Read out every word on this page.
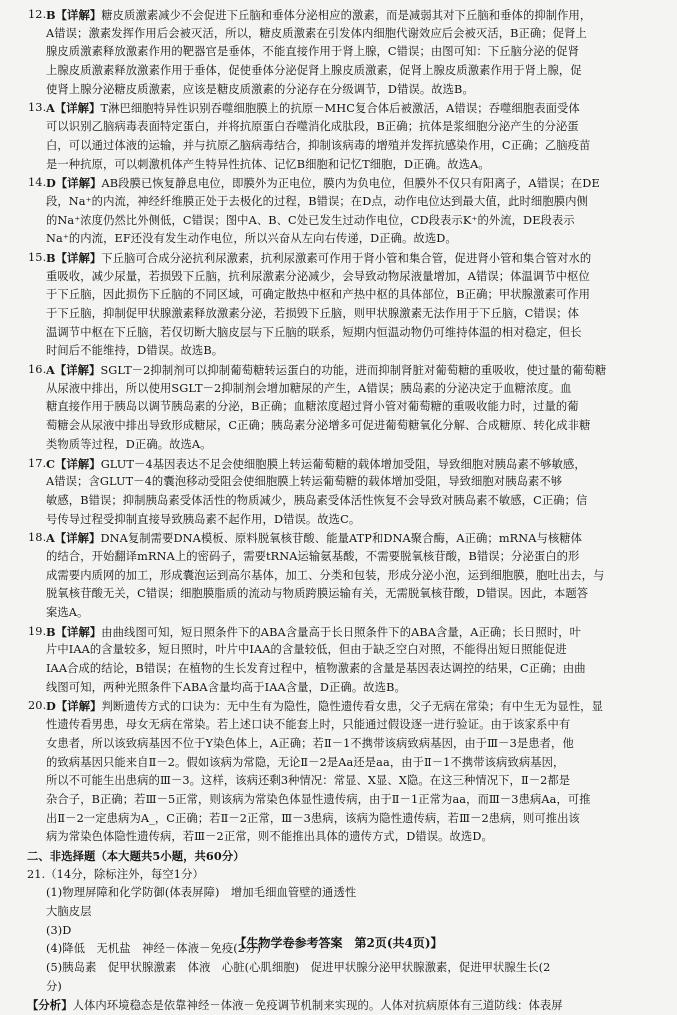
12. B【详解】糖皮质激素减少不会促进下丘脑和垂体分泌相应的激素，而是减弱其对下丘脑和垂体的抑制作用，
A错误；激素发挥作用后会被灭活，所以，糖皮质激素在引发体内细胞代谢效应后会被灭活，B正确；促肾上
腺皮质激素释放激素作用的靶器官是垂体，不能直接作用于肾上腺，C错误；由图可知：下丘脑分泌的促肾
上腺皮质激素释放激素作用于垂体，促使垂体分泌促肾上腺皮质激素，促肾上腺皮质激素作用于肾上腺，促
使肾上腺分泌糖皮质激素，应该是糖皮质激素的分泌存在分级调节，D错误。故选B。
13. A【详解】T淋巴细胞特异性识别吞噬细胞膜上的抗原－MHC复合体后被激活，A错误；吞噬细胞表面受体
可以识别乙脑病毒表面特定蛋白，并将抗原蛋白吞噬消化成肽段，B正确；抗体是浆细胞分泌产生的分泌蛋
白，可以通过体液的运输，并与抗原乙脑病毒结合，抑制该病毒的增殖并发挥抗感染作用，C正确；乙脑疫苗
是一种抗原，可以刺激机体产生特异性抗体、记忆B细胞和记忆T细胞，D正确。故选A。
14. D【详解】AB段膜已恢复静息电位，即膜外为正电位，膜内为负电位，但膜外不仅只有阳离子，A错误；在DE
段，Na⁺的内流，神经纤维膜正处于去极化的过程，B错误；在D点，动作电位达到最大值，此时细胞膜内侧
的Na⁺浓度仍然比外侧低，C错误；图中A、B、C处已发生过动作电位，CD段表示K⁺的外流，DE段表示
Na⁺的内流，EF还没有发生动作电位，所以兴奋从左向右传递，D正确。故选D。
15. B【详解】下丘脑可合成分泌抗利尿激素，抗利尿激素可作用于肾小管和集合管，促进肾小管和集合管对水的
重吸收，减少尿量，若损毁下丘脑，抗利尿激素分泌减少，会导致动物尿液量增加，A错误；体温调节中枢位
于下丘脑，因此损伤下丘脑的不同区域，可确定散热中枢和产热中枢的具体部位，B正确；甲状腺激素可作用
于下丘脑，抑制促甲状腺激素释放激素分泌，若损毁下丘脑，则甲状腺激素无法作用于下丘脑，C错误；体
温调节中枢在下丘脑，若仅切断大脑皮层与下丘脑的联系，短期内恒温动物仍可维持体温的相对稳定，但长
时间后不能维持，D错误。故选B。
16. A【详解】SGLT－2抑制剂可以抑制葡萄糖转运蛋白的功能，进而抑制肾脏对葡萄糖的重吸收，使过量的葡萄糖
从尿液中排出，所以使用SGLT－2抑制剂会增加糖尿的产生，A错误；胰岛素的分泌决定于血糖浓度。血
糖直接作用于胰岛以调节胰岛素的分泌，B正确；血糖浓度超过肾小管对葡萄糖的重吸收能力时，过量的葡
萄糖会从尿液中排出导致形成糖尿，C正确；胰岛素分泌增多可促进葡萄糖氧化分解、合成糖原、转化成非糖
类物质等过程，D正确。故选A。
17. C【详解】GLUT－4基因表达不足会使细胞膜上转运葡萄糖的载体增加受阻，导致细胞对胰岛素不够敏感，
A错误；含GLUT－4的囊泡移动受阻会使细胞膜上转运葡萄糖的载体增加受阻，导致细胞对胰岛素不够
敏感，B错误；抑制胰岛素受体活性的物质减少，胰岛素受体活性恢复不会导致对胰岛素不敏感，C正确；信
号传导过程受抑制直接导致胰岛素不起作用，D错误。故选C。
18. A【详解】DNA复制需要DNA模板、原料脱氧核苷酸、能量ATP和DNA聚合酶，A正确；mRNA与核糖体
的结合，开始翻译mRNA上的密码子，需要tRNA运输氨基酸，不需要脱氧核苷酸，B错误；分泌蛋白的形
成需要内质网的加工，形成囊泡运到高尔基体，加工、分类和包装，形成分泌小泡，运到细胞膜，胞吐出去，与
脱氧核苷酸无关，C错误；细胞膜脂质的流动与物质跨膜运输有关，无需脱氧核苷酸，D错误。因此，本题答
案选A。
19. B【详解】由曲线图可知，短日照条件下的ABA含量高于长日照条件下的ABA含量，A正确；长日照时，叶
片中IAA的含量较多，短日照时，叶片中IAA的含量较低，但由于缺乏空白对照，不能得出短日照能促进
IAA合成的结论，B错误；在植物的生长发育过程中，植物激素的含量是基因表达调控的结果，C正确；由曲
线图可知，两种光照条件下ABA含量均高于IAA含量，D正确。故选B。
20. D【详解】判断遗传方式的口诀为：无中生有为隐性，隐性遗传看女患，父子无病在常染；有中生无为显性，显
性遗传看男患，母女无病在常染。若上述口诀不能套上时，只能通过假设逐一进行验证。由于该家系中有
女患者，所以该致病基因不位于Y染色体上，A正确；若Ⅱ－1不携带该病致病基因，由于Ⅲ－3是患者，他
的致病基因只能来自Ⅱ－2。假如该病为常隐，无论Ⅱ－2是Aa还是aa，由于Ⅱ－1不携带该病致病基因，
所以不可能生出患病的Ⅲ－3。这样，该病还剩3种情况：常显、X显、X隐。在这三种情况下，Ⅱ－2都是
杂合子，B正确；若Ⅲ－5正常，则该病为常染色体显性遗传病，由于Ⅱ－1正常为aa，而Ⅲ－3患病Aa，可推
出Ⅱ－2一定患病为A_，C正确；若Ⅱ－2正常，Ⅲ－3患病，该病为隐性遗传病，若Ⅲ－2患病，则可推出该
病为常染色体隐性遗传病，若Ⅲ－2正常，则不能推出具体的遗传方式，D错误。故选D。
二、非选择题（本大题共5小题，共60分）
21.（14分，除标注外，每空1分）
(1)物理屏障和化学防御(体表屏障)　增加毛细血管壁的通透性
大脑皮层
(3)D
(4)降低　无机盐　神经－体液－免疫(2分)
(5)胰岛素　促甲状腺激素　体液　心脏(心肌细胞)　促进甲状腺分泌甲状腺激素，促进甲状腺生长(2
分)
【分析】人体内环境稳态是依靠神经－体液－免疫调节机制来实现的。人体对抗病原体有三道防线：体表屏
【生物学卷参考答案　第2页(共4页)】
